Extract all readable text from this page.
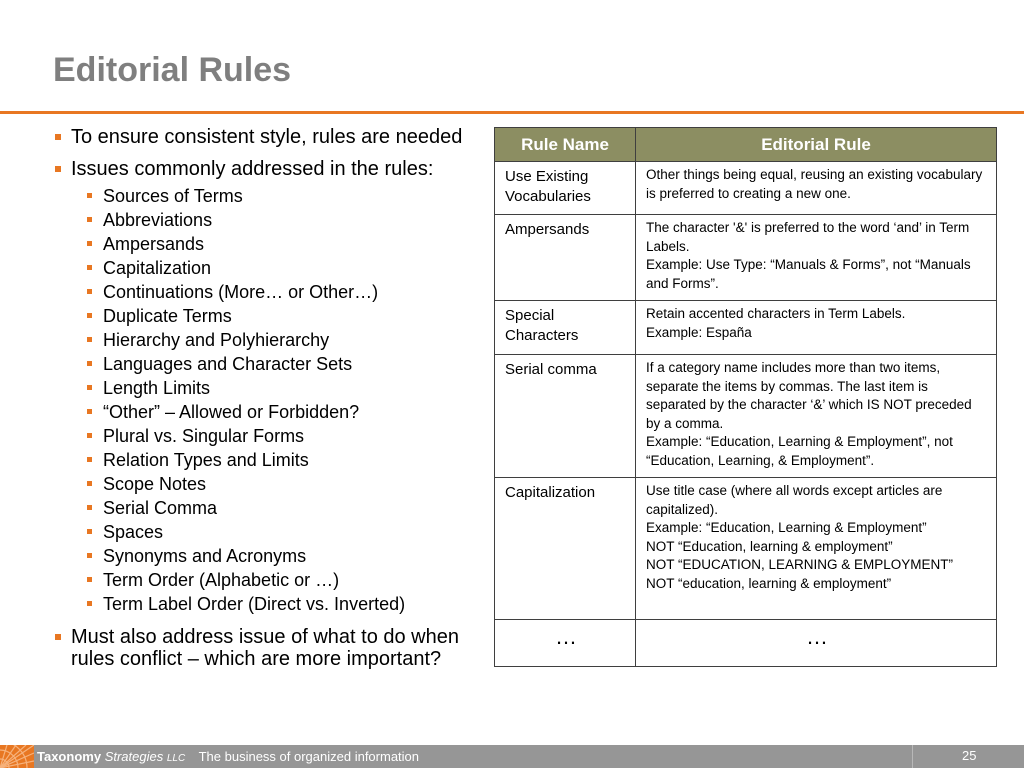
Editorial Rules
To ensure consistent style, rules are needed
Issues commonly addressed in the rules:
Sources of Terms
Abbreviations
Ampersands
Capitalization
Continuations (More… or Other…)
Duplicate Terms
Hierarchy and Polyhierarchy
Languages and Character Sets
Length Limits
“Other” – Allowed or Forbidden?
Plural vs. Singular Forms
Relation Types and Limits
Scope Notes
Serial Comma
Spaces
Synonyms and Acronyms
Term Order (Alphabetic or …)
Term Label Order (Direct vs. Inverted)
Must also address issue of what to do when rules conflict – which are more important?
Rule Name	Editorial Rule
Use Existing Vocabularies	Other things being equal, reusing an existing vocabulary is preferred to creating a new one.
Ampersands	The character '&' is preferred to the word ‘and’ in Term Labels.
Example: Use Type: “Manuals & Forms”, not “Manuals and Forms”.
Special Characters	Retain accented characters in Term Labels.
Example: España
Serial comma	If a category name includes more than two items, separate the items by commas. The last item is separated by the character ‘&’ which IS NOT preceded by a comma.
Example: “Education, Learning & Employment”, not “Education, Learning, & Employment”.
Capitalization	Use title case (where all words except articles are capitalized).
Example: “Education, Learning & Employment”
NOT “Education, learning & employment”
NOT “EDUCATION, LEARNING & EMPLOYMENT”
NOT “education, learning & employment”
…	…
Taxonomy Strategies LLC The business of organized information	25
